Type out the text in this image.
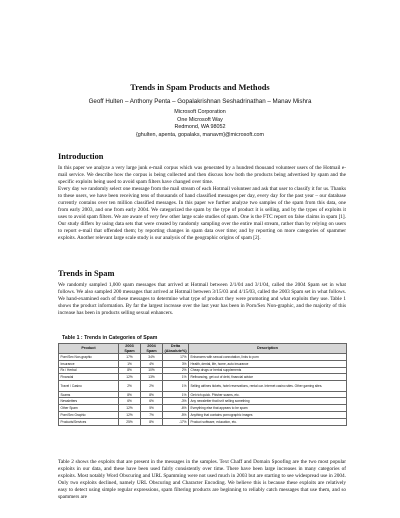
Trends in Spam Products and Methods
Geoff Hulten – Anthony Penta – Gopalakrishnan Seshadrinathan – Manav Mishra
Microsoft Corporation
One Microsoft Way
Redmond, WA 98052
{ghulten, apenta, gopalaks, manavm}@microsoft.com
Introduction

In this paper we analyze a very large junk e-mail corpus which was generated by a hundred thousand volunteer users of the Hotmail e-mail service. We describe how the corpus is being collected and then discuss how both the products being advertised by spam and the specific exploits being used to avoid spam filters have changed over time.

Every day we randomly select one message from the mail stream of each Hotmail volunteer and ask that user to classify it for us. Thanks to these users, we have been receiving tens of thousands of hand classified messages per day, every day for the past year – our database currently contains over ten million classified messages. In this paper we further analyze two samples of the spam from this data, one from early 2003, and one from early 2004. We categorized the spam by the type of product it is selling, and by the types of exploits it uses to avoid spam filters. We are aware of very few other large scale studies of spam. One is the FTC report on false claims in spam [1]. Our study differs by using data sets that were created by randomly sampling over the entire mail stream, rather than by relying on users to report e-mail that offended them; by reporting changes in spam data over time; and by reporting on more categories of spammer exploits. Another relevant large scale study is our analysis of the geographic origins of spam [2].

Trends in Spam

We randomly sampled 1,000 spam messages that arrived at Hotmail between 2/1/04 and 3/1/04, called the 2004 Spam set in what follows. We also sampled 200 messages that arrived at Hotmail between 3/15/03 and 4/15/03, called the 2003 Spam set in what follows. We hand-examined each of these messages to determine what type of product they were promoting and what exploits they use. Table 1 shows the product information. By far the largest increase over the last year has been in Porn/Sex Non-graphic, and the majority of this increase has been in products selling sexual enhancers.

Table 1 : Trends in Categories of Spam
Product	2003 Spam	2004 Spam	Delta (Absolute%)	Description
Porn/Sex Non-graphic	17%	34%	17%	Enhancers with sexual connotation, links to porn
Insurance	1%	4%	3%	Health, dental, life, home, auto insurance
Rx / Herbal	8%	10%	2%	Cheap drugs or herbal supplements
Financial	12%	13%	1%	Refinancing, get out of debt, financial advice
Travel / Casino	2%	2%	1%	Selling airlines tickets, hotel reservations, rental car. Internet casino sites. Other gaming sites.
Scams	8%	8%	1%	Get rich quick. Phisher scams, etc.
Newsletters	6%	6%	-3%	Any newsletter that isn't selling something
Other Spam	12%	5%	-6%	Everything else that appears to be spam
Porn/Sex Graphic	12%	7%	-5%	Anything that contains pornographic images
Products/Services	25%	8%	-17%	Product software, education, etc.

Table 2 shows the exploits that are present in the messages in the samples. Text Chaff and Domain Spoofing are the two most popular exploits in our data, and these have been used fairly consistently over time. There have been large increases in many categories of exploits. Most notably Word Obscuring and URL Spamming were not used much in 2003 but are starting to see widespread use in 2004. Only two exploits declined, namely URL Obscuring and Character Encoding. We believe this is because these exploits are relatively easy to detect using simple regular expressions, spam filtering products are beginning to reliably catch messages that use them, and so spammers are
